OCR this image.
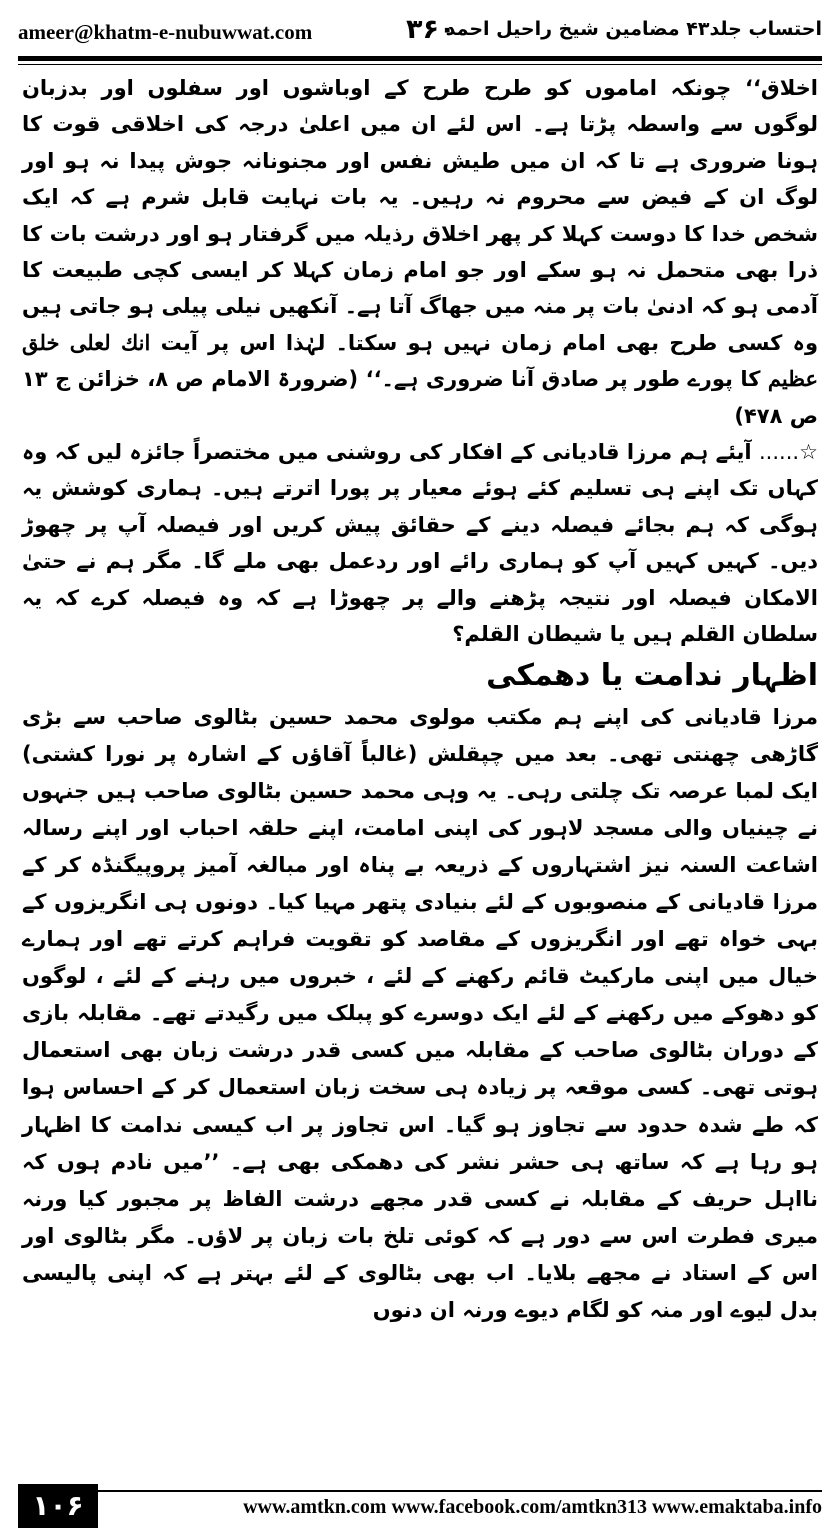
ameer@khatm-e-nubuwwat.com	۳۶۰
احتساب جلد۴۳ مضامین شیخ راحیل احمد

اخلاق‘‘ چونکہ اماموں کو طرح طرح کے اوباشوں اور سفلوں اور بدزبان لوگوں سے واسطہ پڑتا ہے۔ اس لئے ان میں اعلیٰ درجہ کی اخلاقی قوت کا ہونا ضروری ہے تا کہ ان میں طیش نفس اور مجنونانہ جوش پیدا نہ ہو اور لوگ ان کے فیض سے محروم نہ رہیں۔ یہ بات نہایت قابل شرم ہے کہ ایک شخص خدا کا دوست کہلا کر پھر اخلاق رذیلہ میں گرفتار ہو اور درشت بات کا ذرا بھی متحمل نہ ہو سکے اور جو امام زمان کہلا کر ایسی کچی طبیعت کا آدمی ہو کہ ادنیٰ بات پر منہ میں جھاگ آتا ہے۔ آنکھیں نیلی پیلی ہو جاتی ہیں وہ کسی طرح بھی امام زمان نہیں ہو سکتا۔ لہٰذا اس پر آیت انك لعلی خلق عظیم کا پورے طور پر صادق آنا ضروری ہے۔‘‘ (ضرورۃ الامام ص ۸، خزائن ج ۱۳ ص ۴۷۸)

☆...... آیئے ہم مرزا قادیانی کے افکار کی روشنی میں مختصراً جائزہ لیں کہ وہ کہاں تک اپنے ہی تسلیم کئے ہوئے معیار پر پورا اترتے ہیں۔ ہماری کوشش یہ ہوگی کہ ہم بجائے فیصلہ دینے کے حقائق پیش کریں اور فیصلہ آپ پر چھوڑ دیں۔ کہیں کہیں آپ کو ہماری رائے اور ردعمل بھی ملے گا۔ مگر ہم نے حتیٰ الامکان فیصلہ اور نتیجہ پڑھنے والے پر چھوڑا ہے کہ وہ فیصلہ کرے کہ یہ سلطان القلم ہیں یا شیطان القلم؟

اظہار ندامت یا دھمکی

مرزا قادیانی کی اپنے ہم مکتب مولوی محمد حسین بٹالوی صاحب سے بڑی گاڑھی چھنتی تھی۔ بعد میں چپقلش (غالباً آقاؤں کے اشارہ پر نورا کشتی) ایک لمبا عرصہ تک چلتی رہی۔ یہ وہی محمد حسین بٹالوی صاحب ہیں جنہوں نے چینیاں والی مسجد لاہور کی اپنی امامت، اپنے حلقہ احباب اور اپنے رسالہ اشاعت السنہ نیز اشتہاروں کے ذریعہ بے پناہ اور مبالغہ آمیز پروپیگنڈہ کر کے مرزا قادیانی کے منصوبوں کے لئے بنیادی پتھر مہیا کیا۔ دونوں ہی انگریزوں کے بہی خواہ تھے اور انگریزوں کے مقاصد کو تقویت فراہم کرتے تھے اور ہمارے خیال میں اپنی مارکیٹ قائم رکھنے کے لئے ، خبروں میں رہنے کے لئے ، لوگوں کو دھوکے میں رکھنے کے لئے ایک دوسرے کو پبلک میں رگیدتے تھے۔ مقابلہ بازی کے دوران بٹالوی صاحب کے مقابلہ میں کسی قدر درشت زبان بھی استعمال ہوتی تھی۔ کسی موقعہ پر زیادہ ہی سخت زبان استعمال کر کے احساس ہوا کہ طے شدہ حدود سے تجاوز ہو گیا۔ اس تجاوز پر اب کیسی ندامت کا اظہار ہو رہا ہے کہ ساتھ ہی حشر نشر کی دھمکی بھی ہے۔ ’’میں نادم ہوں کہ نااہل حریف کے مقابلہ نے کسی قدر مجھے درشت الفاظ پر مجبور کیا ورنہ میری فطرت اس سے دور ہے کہ کوئی تلخ بات زبان پر لاؤں۔ مگر بٹالوی اور اس کے استاد نے مجھے بلایا۔ اب بھی بٹالوی کے لئے بہتر ہے کہ اپنی پالیسی بدل لیوے اور منہ کو لگام دیوے ورنہ ان دنوں

۱۰۶	www.amtkn.com www.facebook.com/amtkn313 www.emaktaba.info
